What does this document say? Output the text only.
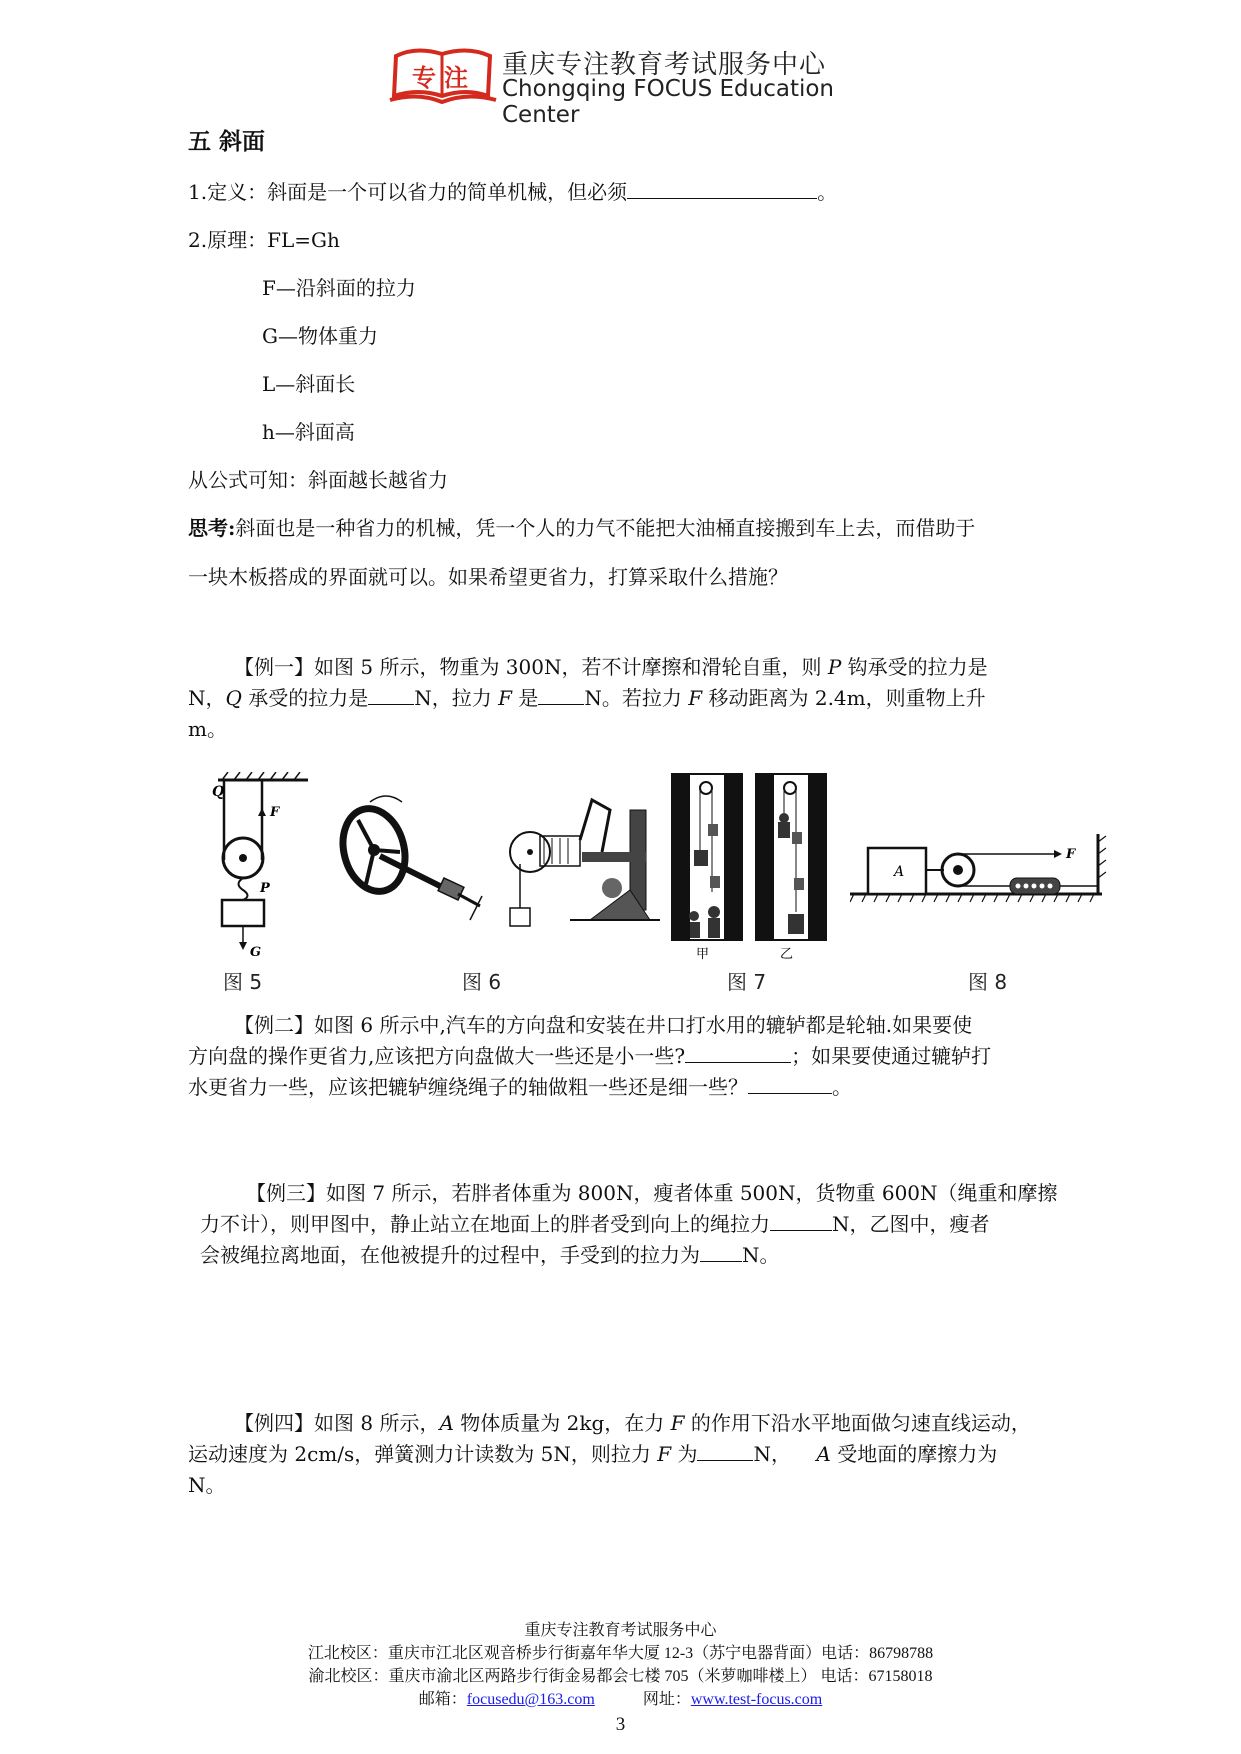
专注	重庆专注教育考试服务中心
Chongqing FOCUS Education Center
五 斜面
1.定义：斜面是一个可以省力的简单机械，但必须	。
2.原理：FL=Gh
F—沿斜面的拉力
G—物体重力
L—斜面长
h—斜面高
从公式可知：斜面越长越省力
思考:斜面也是一种省力的机械，凭一个人的力气不能把大油桶直接搬到车上去，而借助于
一块木板搭成的界面就可以。如果希望更省力，打算采取什么措施？
【例一】如图 5 所示，物重为 300N，若不计摩擦和滑轮自重，则 P 钩承受的拉力是
N，Q 承受的拉力是 N，拉力 F 是 N。若拉力 F 移动距离为 2.4m，则重物上升
m。
Q
F
P
G	甲	乙
A
F
图 5	图 6	图 7	图 8
【例二】如图 6 所示中,汽车的方向盘和安装在井口打水用的辘轳都是轮轴.如果要使
方向盘的操作更省力,应该把方向盘做大一些还是小一些?	；如果要使通过辘轳打
水更省力一些，应该把辘轳缠绕绳子的轴做粗一些还是细一些？	。
【例三】如图 7 所示，若胖者体重为 800N，瘦者体重 500N，货物重 600N（绳重和摩擦
力不计），则甲图中，静止站立在地面上的胖者受到向上的绳拉力	N，乙图中，瘦者
会被绳拉离地面，在他被提升的过程中，手受到的拉力为 N。
【例四】如图 8 所示，A 物体质量为 2kg，在力 F 的作用下沿水平地面做匀速直线运动，
运动速度为 2cm/s，弹簧测力计读数为 5N，则拉力 F 为	N， A 受地面的摩擦力为
N。
重庆专注教育考试服务中心
江北校区：重庆市江北区观音桥步行街嘉年华大厦 12-3（苏宁电器背面）电话：86798788
渝北校区：重庆市渝北区两路步行街金易都会七楼 705（米萝咖啡楼上） 电话：67158018
邮箱：focusedu@163.com	网址：www.test-focus.com
3
